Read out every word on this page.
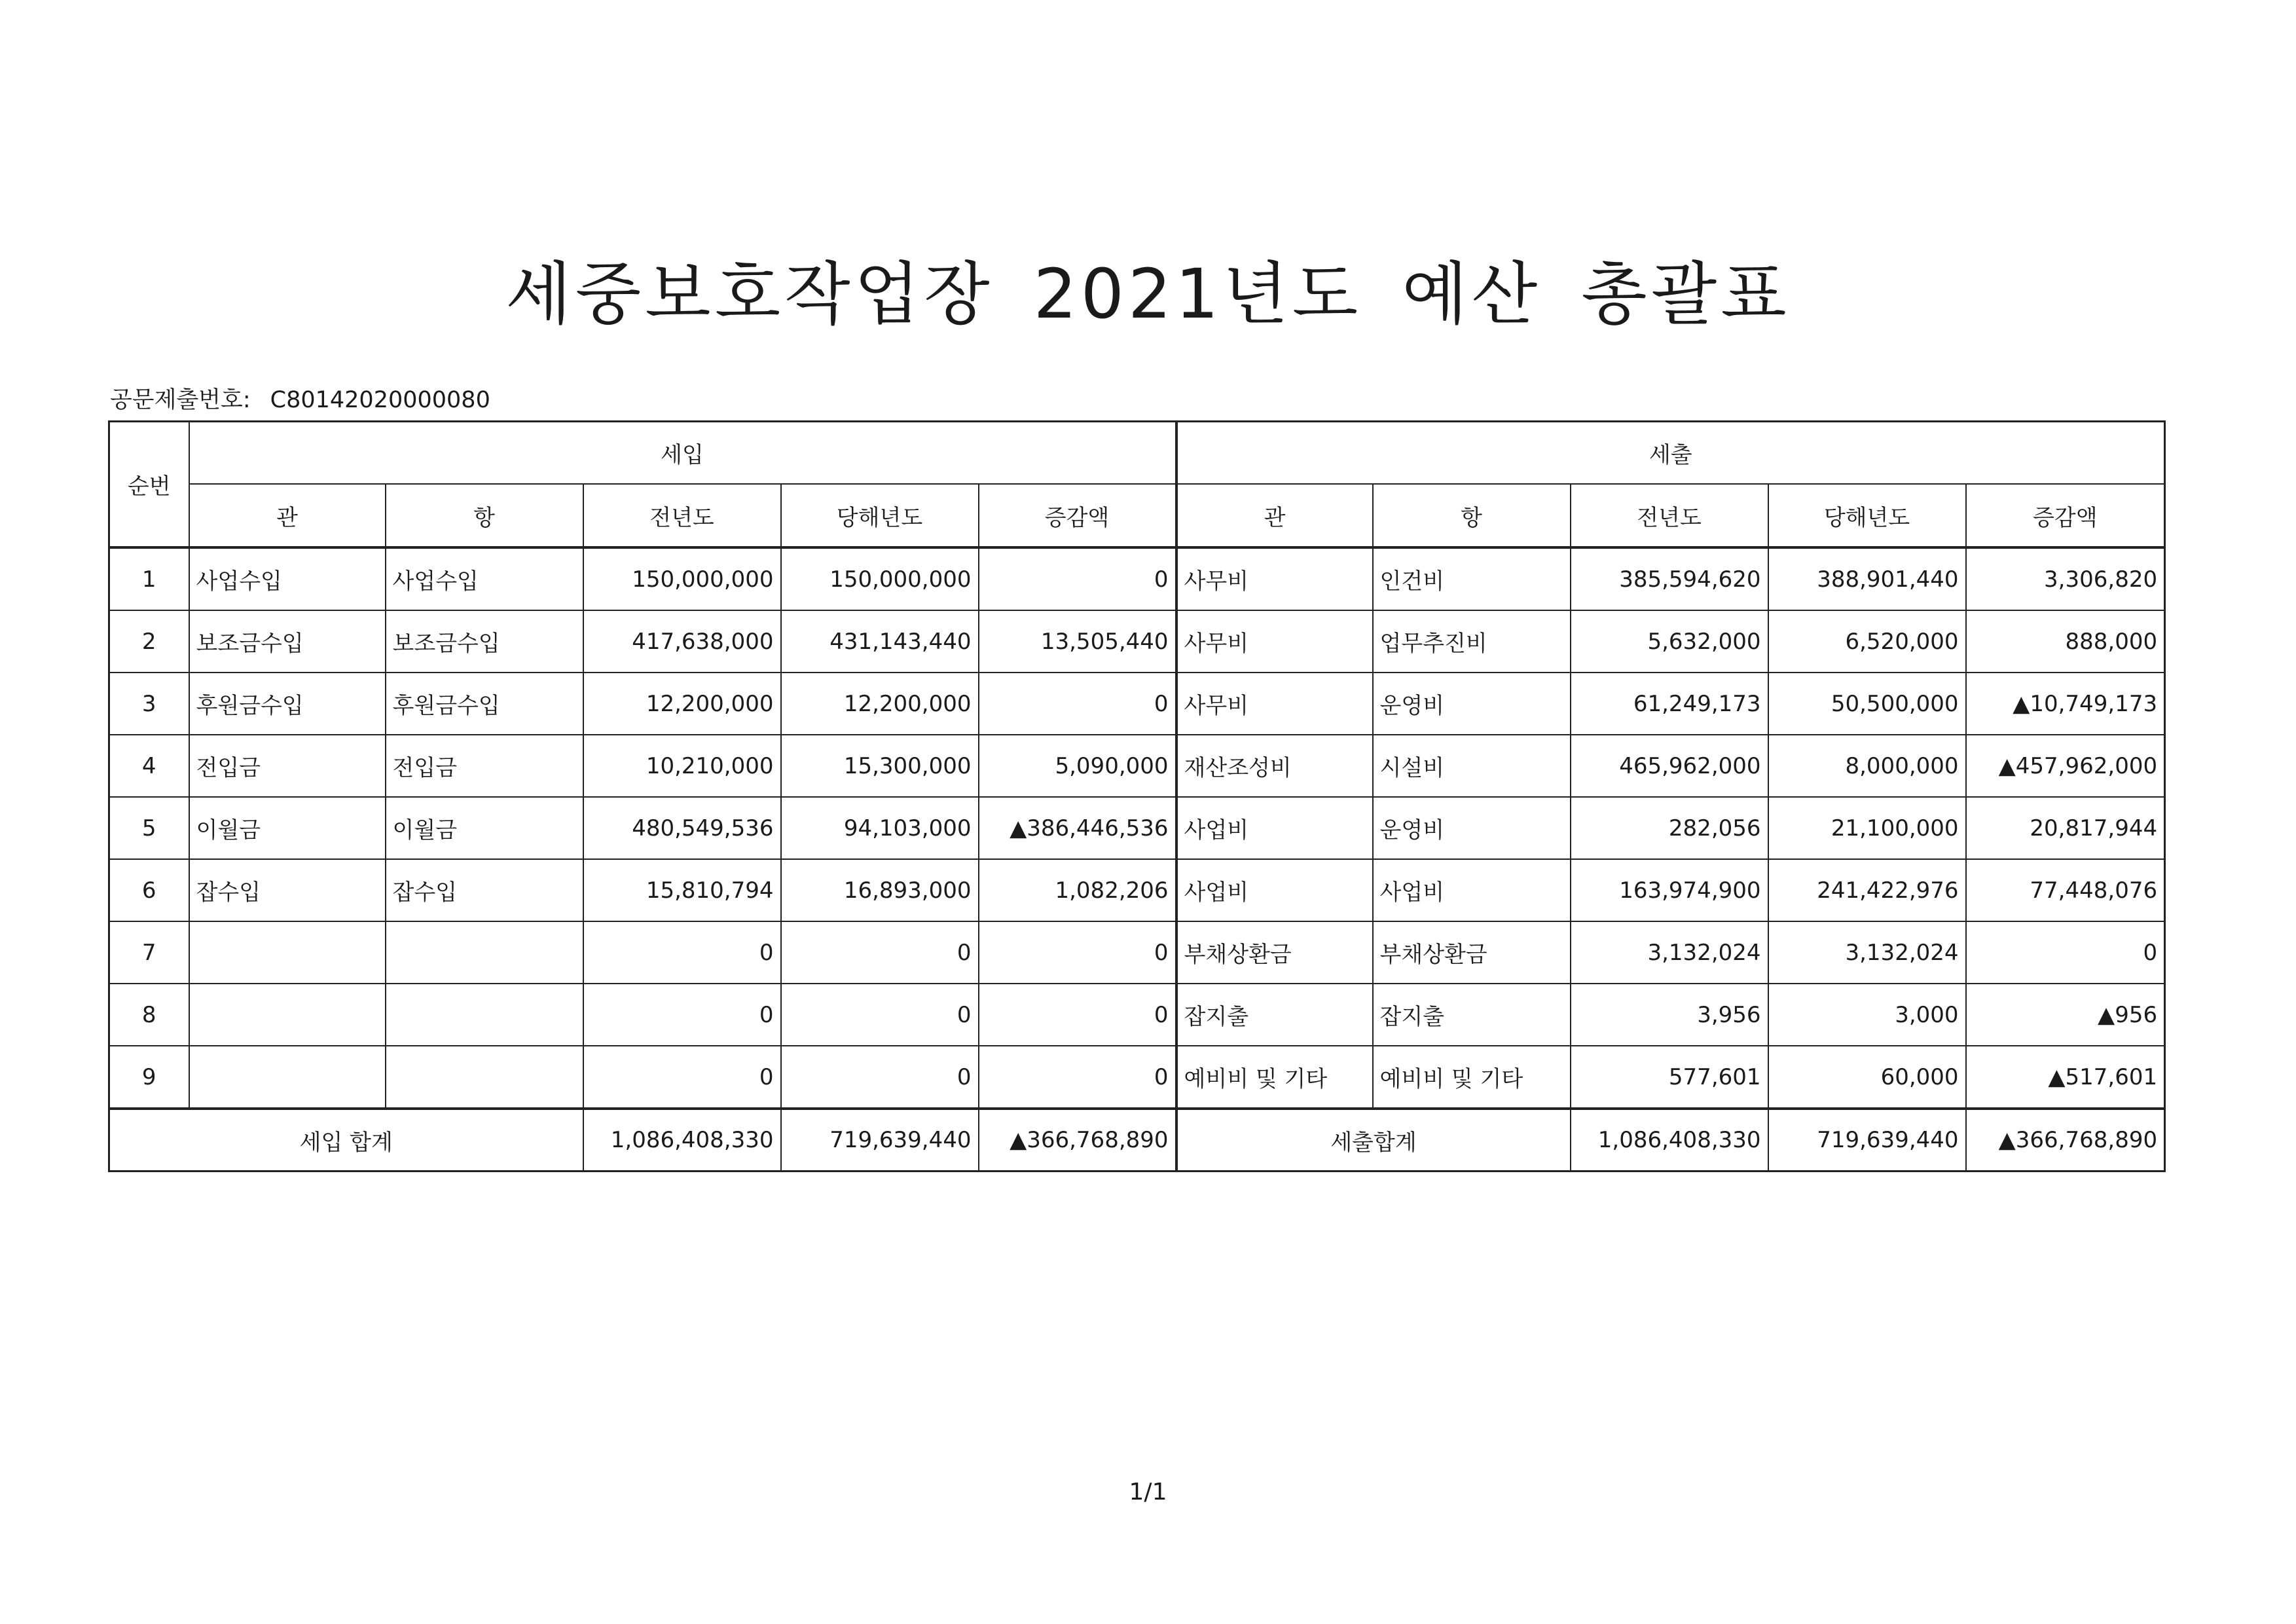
세중보호작업장 2021년도 예산 총괄표
공문제출번호: C80142020000080
순번	세입					세출				
	관	항	전년도	당해년도	증감액	관	항	전년도	당해년도	증감액
1	사업수입	사업수입	150,000,000	150,000,000	0	사무비	인건비	385,594,620	388,901,440	3,306,820
2	보조금수입	보조금수입	417,638,000	431,143,440	13,505,440	사무비	업무추진비	5,632,000	6,520,000	888,000
3	후원금수입	후원금수입	12,200,000	12,200,000	0	사무비	운영비	61,249,173	50,500,000	▲10,749,173
4	전입금	전입금	10,210,000	15,300,000	5,090,000	재산조성비	시설비	465,962,000	8,000,000	▲457,962,000
5	이월금	이월금	480,549,536	94,103,000	▲386,446,536	사업비	운영비	282,056	21,100,000	20,817,944
6	잡수입	잡수입	15,810,794	16,893,000	1,082,206	사업비	사업비	163,974,900	241,422,976	77,448,076
7			0	0	0	부채상환금	부채상환금	3,132,024	3,132,024	0
8			0	0	0	잡지출	잡지출	3,956	3,000	▲956
9			0	0	0	예비비 및 기타	예비비 및 기타	577,601	60,000	▲517,601
세입 합계			1,086,408,330	719,639,440	▲366,768,890	세출합계		1,086,408,330	719,639,440	▲366,768,890
1/1
